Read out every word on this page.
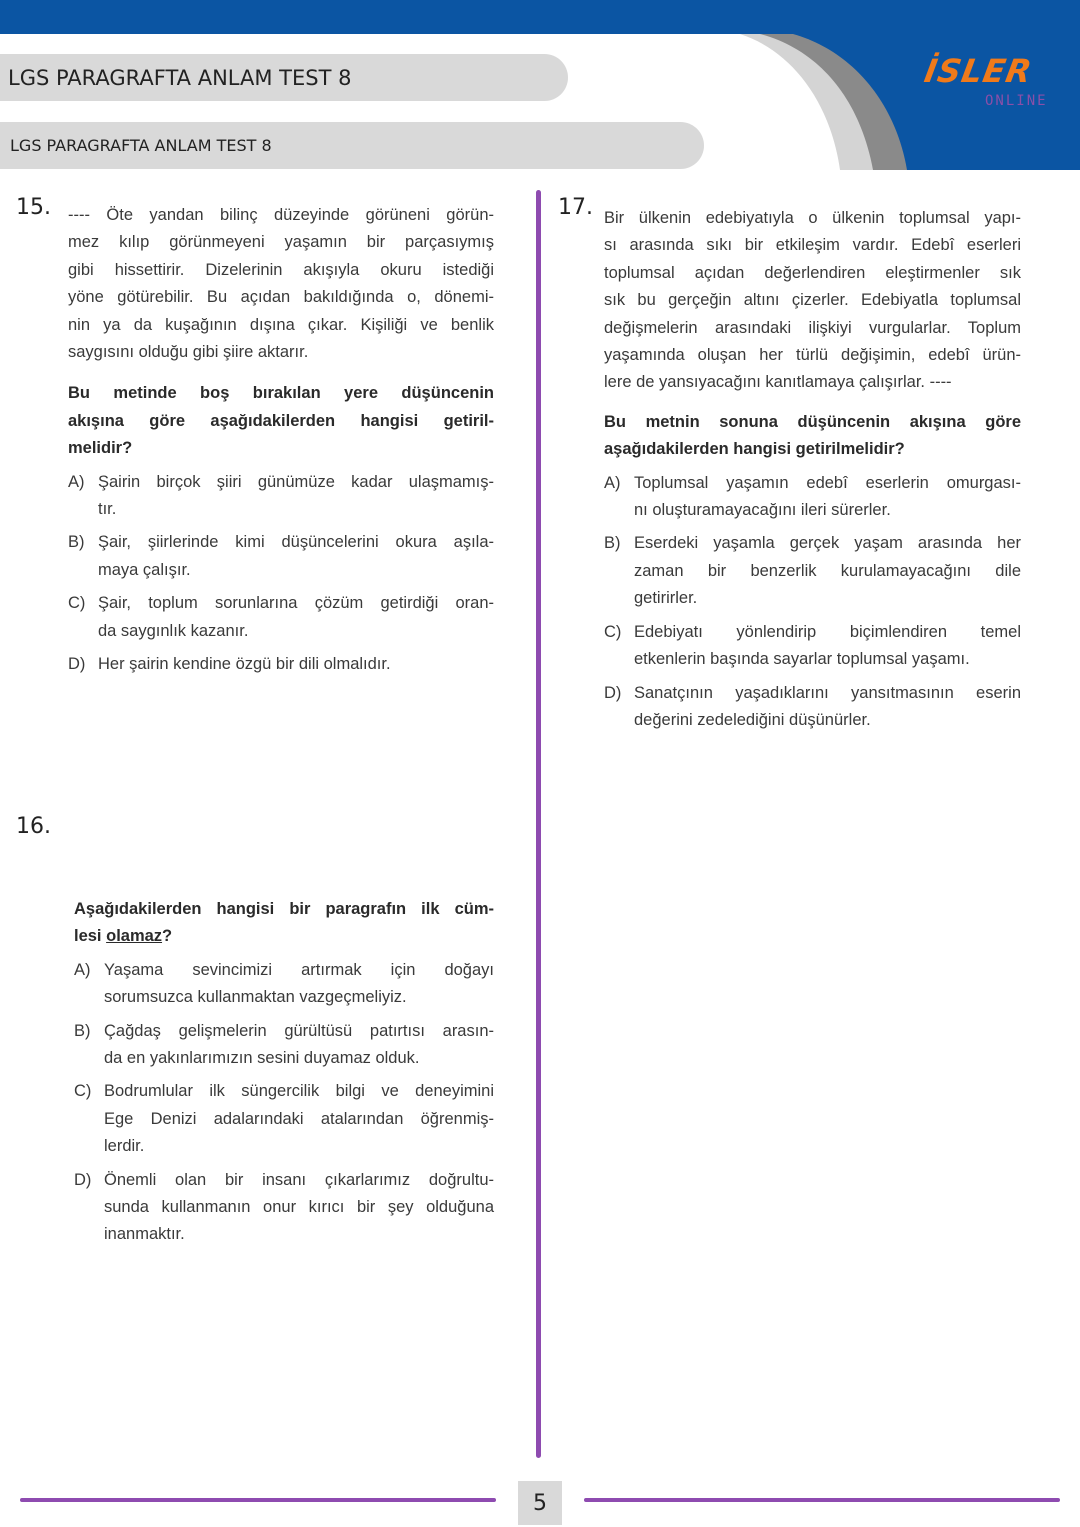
LGS PARAGRAFTA ANLAM TEST 8
LGS PARAGRAFTA ANLAM TEST 8
İSLER
ONLINE
15. ---- Öte yandan bilinç düzeyinde görüneni görün-
mez kılıp görünmeyeni yaşamın bir parçasıymış
gibi hissettirir. Dizelerinin akışıyla okuru istediği
yöne götürebilir. Bu açıdan bakıldığında o, dönemi-
nin ya da kuşağının dışına çıkar. Kişiliği ve benlik
saygısını olduğu gibi şiire aktarır.
Bu metinde boş bırakılan yere düşüncenin
akışına göre aşağıdakilerden hangisi getiril-
melidir?
A) Şairin birçok şiiri günümüze kadar ulaşmamış-
tır.
B) Şair, şiirlerinde kimi düşüncelerini okura aşıla-
maya çalışır.
C) Şair, toplum sorunlarına çözüm getirdiği oran-
da saygınlık kazanır.
D) Her şairin kendine özgü bir dili olmalıdır.
16.
Aşağıdakilerden hangisi bir paragrafın ilk cüm-
lesi olamaz?
A) Yaşama sevincimizi artırmak için doğayı
sorumsuzca kullanmaktan vazgeçmeliyiz.
B) Çağdaş gelişmelerin gürültüsü patırtısı arasın-
da en yakınlarımızın sesini duyamaz olduk.
C) Bodrumlular ilk süngercilik bilgi ve deneyimini
Ege Denizi adalarındaki atalarından öğrenmiş-
lerdir.
D) Önemli olan bir insanı çıkarlarımız doğrultu-
sunda kullanmanın onur kırıcı bir şey olduğuna
inanmaktır.
17. Bir ülkenin edebiyatıyla o ülkenin toplumsal yapı-
sı arasında sıkı bir etkileşim vardır. Edebî eserleri
toplumsal açıdan değerlendiren eleştirmenler sık
sık bu gerçeğin altını çizerler. Edebiyatla toplumsal
değişmelerin arasındaki ilişkiyi vurgularlar. Toplum
yaşamında oluşan her türlü değişimin, edebî ürün-
lere de yansıyacağını kanıtlamaya çalışırlar. ----
Bu metnin sonuna düşüncenin akışına göre
aşağıdakilerden hangisi getirilmelidir?
A) Toplumsal yaşamın edebî eserlerin omurgası-
nı oluşturamayacağını ileri sürerler.
B) Eserdeki yaşamla gerçek yaşam arasında her
zaman bir benzerlik kurulamayacağını dile
getirirler.
C) Edebiyatı yönlendirip biçimlendiren temel
etkenlerin başında sayarlar toplumsal yaşamı.
D) Sanatçının yaşadıklarını yansıtmasının eserin
değerini zedelediğini düşünürler.
5
